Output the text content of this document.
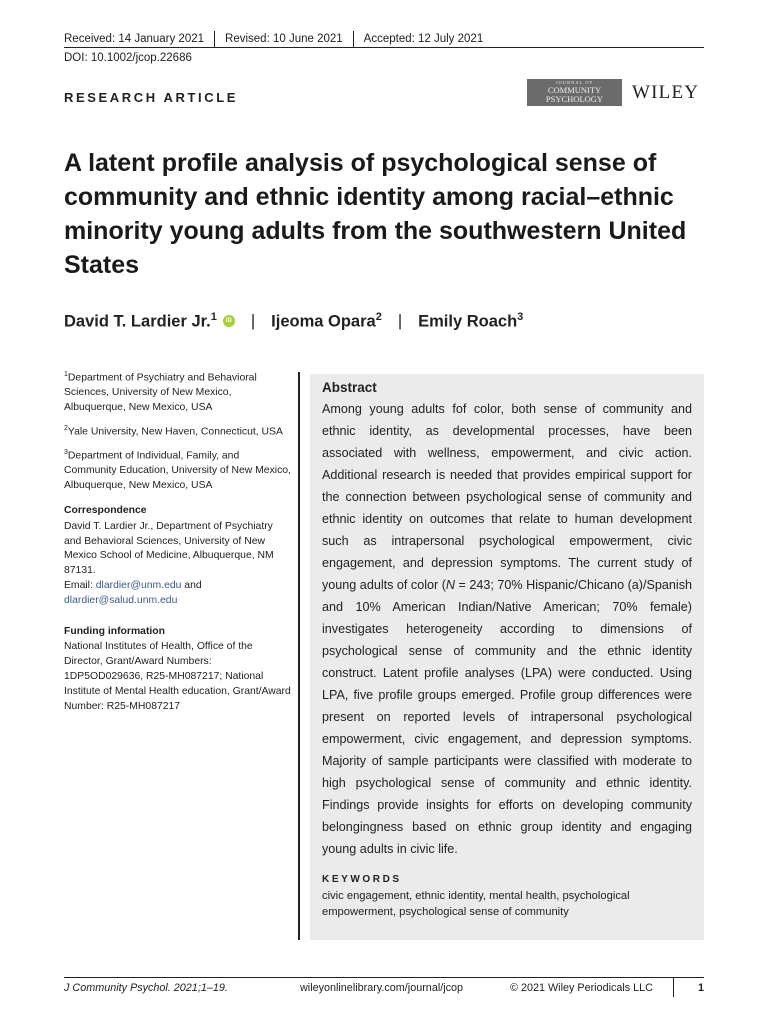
Received: 14 January 2021 Revised: 10 June 2021 Accepted: 12 July 2021
DOI: 10.1002/jcop.22686
RESEARCH ARTICLE
JOURNAL OF
COMMUNITY
PSYCHOLOGY	WILEY
A latent profile analysis of psychological sense of community and ethnic identity among racial–ethnic minority young adults from the southwestern United States
David T. Lardier Jr.$^1$	iD | Ijeoma Opara$^2$ | Emily Roach$^3$

$^1$Department of Psychiatry and Behavioral Sciences, University of New Mexico, Albuquerque, New Mexico, USA

$^2$Yale University, New Haven, Connecticut, USA

$^3$Department of Individual, Family, and Community Education, University of New Mexico, Albuquerque, New Mexico, USA

Correspondence
David T. Lardier Jr., Department of Psychiatry and Behavioral Sciences, University of New Mexico School of Medicine, Albuquerque, NM 87131.
Email: dlardier@unm.edu and
dlardier@salud.unm.edu
Funding information
National Institutes of Health, Office of the Director, Grant/Award Numbers: 1DP5OD029636, R25-MH087217; National Institute of Mental Health education, Grant/Award Number: R25-MH087217
Abstract

Among young adults fof color, both sense of community and ethnic identity, as developmental processes, have been associated with wellness, empowerment, and civic action. Additional research is needed that provides empirical support for the connection between psychological sense of community and ethnic identity on outcomes that relate to human development such as intrapersonal psychological empowerment, civic engagement, and depression symptoms. The current study of young adults of color (N = 243; 70% Hispanic/Chicano (a)/Spanish and 10% American Indian/Native American; 70% female) investigates heterogeneity according to dimensions of psychological sense of community and the ethnic identity construct. Latent profile analyses (LPA) were conducted. Using LPA, five profile groups emerged. Profile group differences were present on reported levels of intrapersonal psychological empowerment, civic engagement, and depression symptoms. Majority of sample participants were classified with moderate to high psychological sense of community and ethnic identity. Findings provide insights for efforts on developing community belongingness based on ethnic group identity and engaging young adults in civic life.

KEYWORDS

civic engagement, ethnic identity, mental health, psychological empowerment, psychological sense of community

J Community Psychol. 2021;1–19.	wileyonlinelibrary.com/journal/jcop	© 2021 Wiley Periodicals LLC	1
